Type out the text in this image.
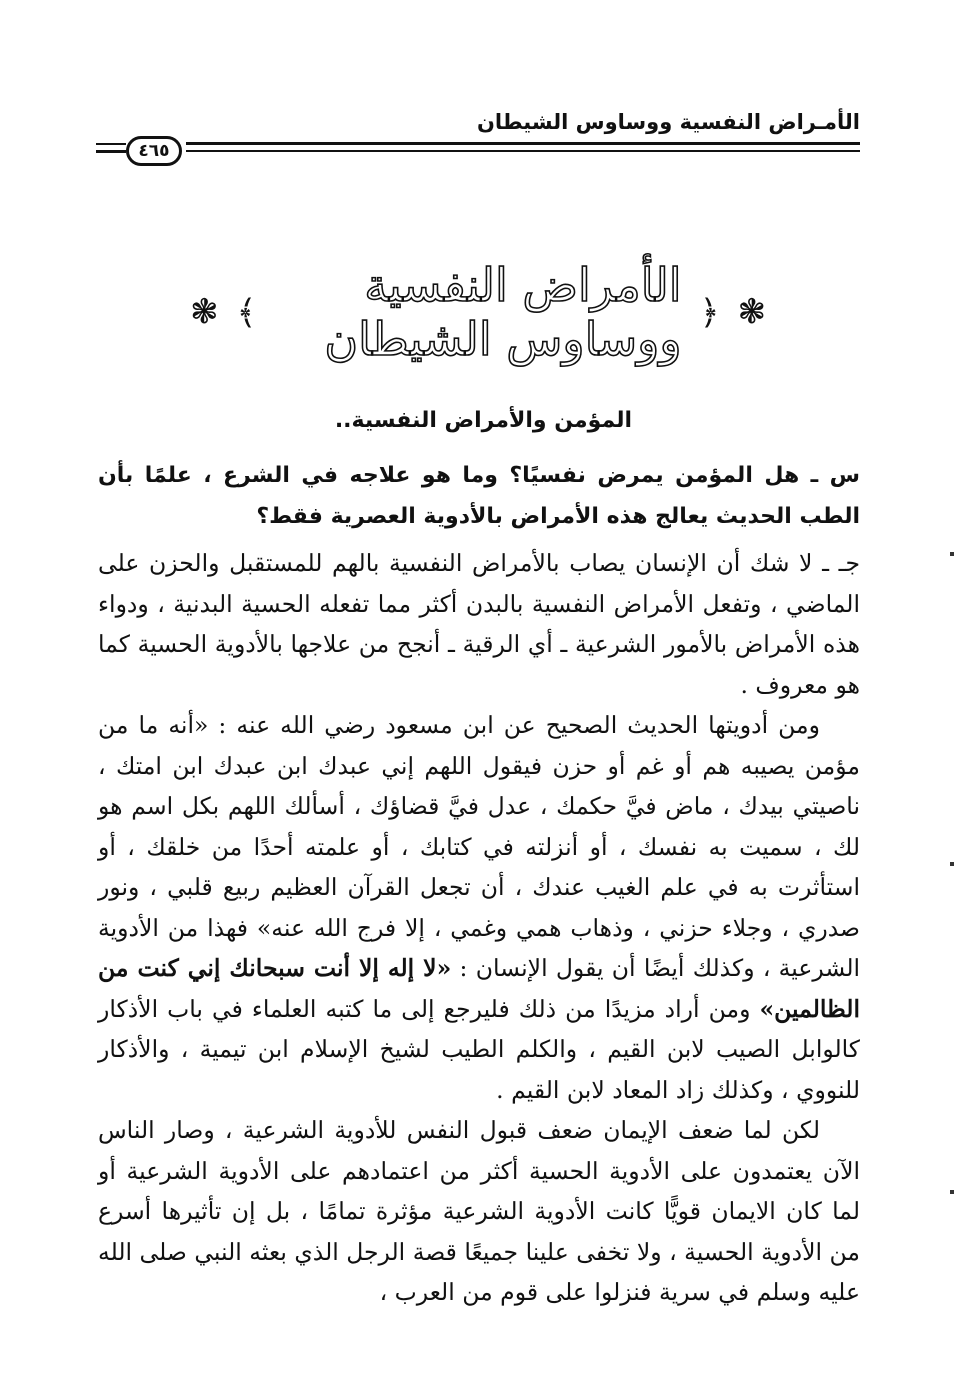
الأمـراض النفسية ووساوس الشيطان
٤٦٥
❃
﴿
الأمراض النفسية ووساوس الشيطان
﴾
❃
المؤمن والأمراض النفسية..

س ـ هل المؤمن يمرض نفسيًا؟ وما هو علاجه في الشرع ، علمًا بأن الطب الحديث يعالج هذه الأمراض بالأدوية العصرية فقط؟

جـ ـ لا شك أن الإنسان يصاب بالأمراض النفسية بالهم للمستقبل والحزن على الماضي ، وتفعل الأمراض النفسية بالبدن أكثر مما تفعله الحسية البدنية ، ودواء هذه الأمراض بالأمور الشرعية ـ أي الرقية ـ أنجح من علاجها بالأدوية الحسية كما هو معروف .

ومن أدويتها الحديث الصحيح عن ابن مسعود رضي الله عنه : «أنه ما من مؤمن يصيبه هم أو غم أو حزن فيقول اللهم إني عبدك ابن عبدك ابن امتك ، ناصيتي بيدك ، ماض فيَّ حكمك ، عدل فيَّ قضاؤك ، أسألك اللهم بكل اسم هو لك ، سميت به نفسك ، أو أنزلته في كتابك ، أو علمته أحدًا من خلقك ، أو استأثرت به في علم الغيب عندك ، أن تجعل القرآن العظيم ربيع قلبي ، ونور صدري ، وجلاء حزني ، وذهاب همي وغمي ، إلا فرج الله عنه» فهذا من الأدوية الشرعية ، وكذلك أيضًا أن يقول الإنسان : «لا إله إلا أنت سبحانك إني كنت من الظالمين» ومن أراد مزيدًا من ذلك فليرجع إلى ما كتبه العلماء في باب الأذكار كالوابل الصيب لابن القيم ، والكلم الطيب لشيخ الإسلام ابن تيمية ، والأذكار للنووي ، وكذلك زاد المعاد لابن القيم .

لكن لما ضعف الإيمان ضعف قبول النفس للأدوية الشرعية ، وصار الناس الآن يعتمدون على الأدوية الحسية أكثر من اعتمادهم على الأدوية الشرعية أو لما كان الايمان قويًّا كانت الأدوية الشرعية مؤثرة تمامًا ، بل إن تأثيرها أسرع من الأدوية الحسية ، ولا تخفى علينا جميعًا قصة الرجل الذي بعثه النبي صلى الله عليه وسلم في سرية فنزلوا على قوم من العرب ،
